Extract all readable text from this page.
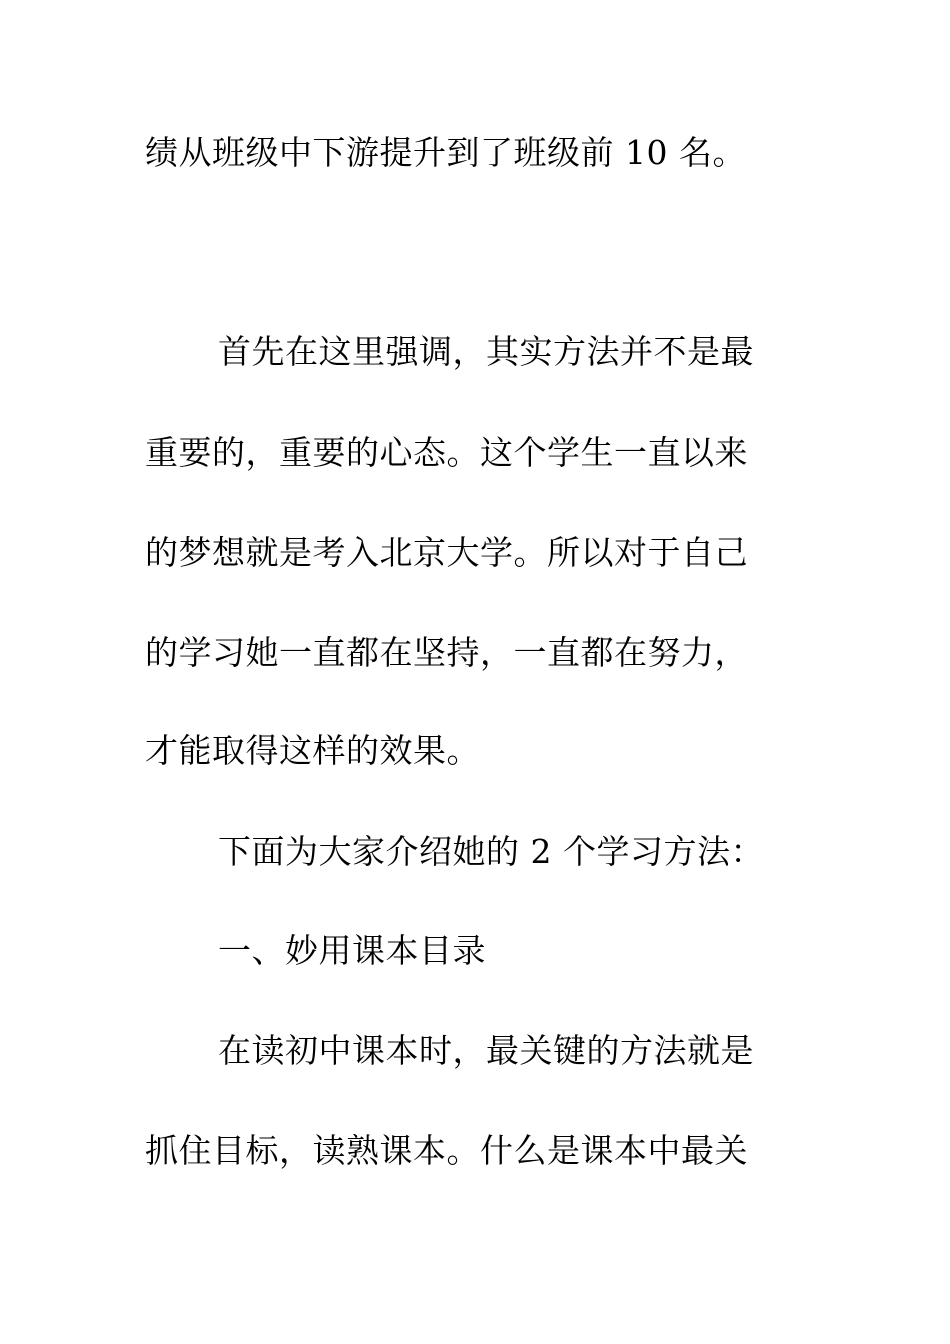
绩从班级中下游提升到了班级前 10 名。
首先在这里强调，其实方法并不是最
重要的，重要的心态。这个学生一直以来
的梦想就是考入北京大学。所以对于自己
的学习她一直都在坚持，一直都在努力，
才能取得这样的效果。
下面为大家介绍她的 2 个学习方法：
一、妙用课本目录
在读初中课本时，最关键的方法就是
抓住目标，读熟课本。什么是课本中最关
